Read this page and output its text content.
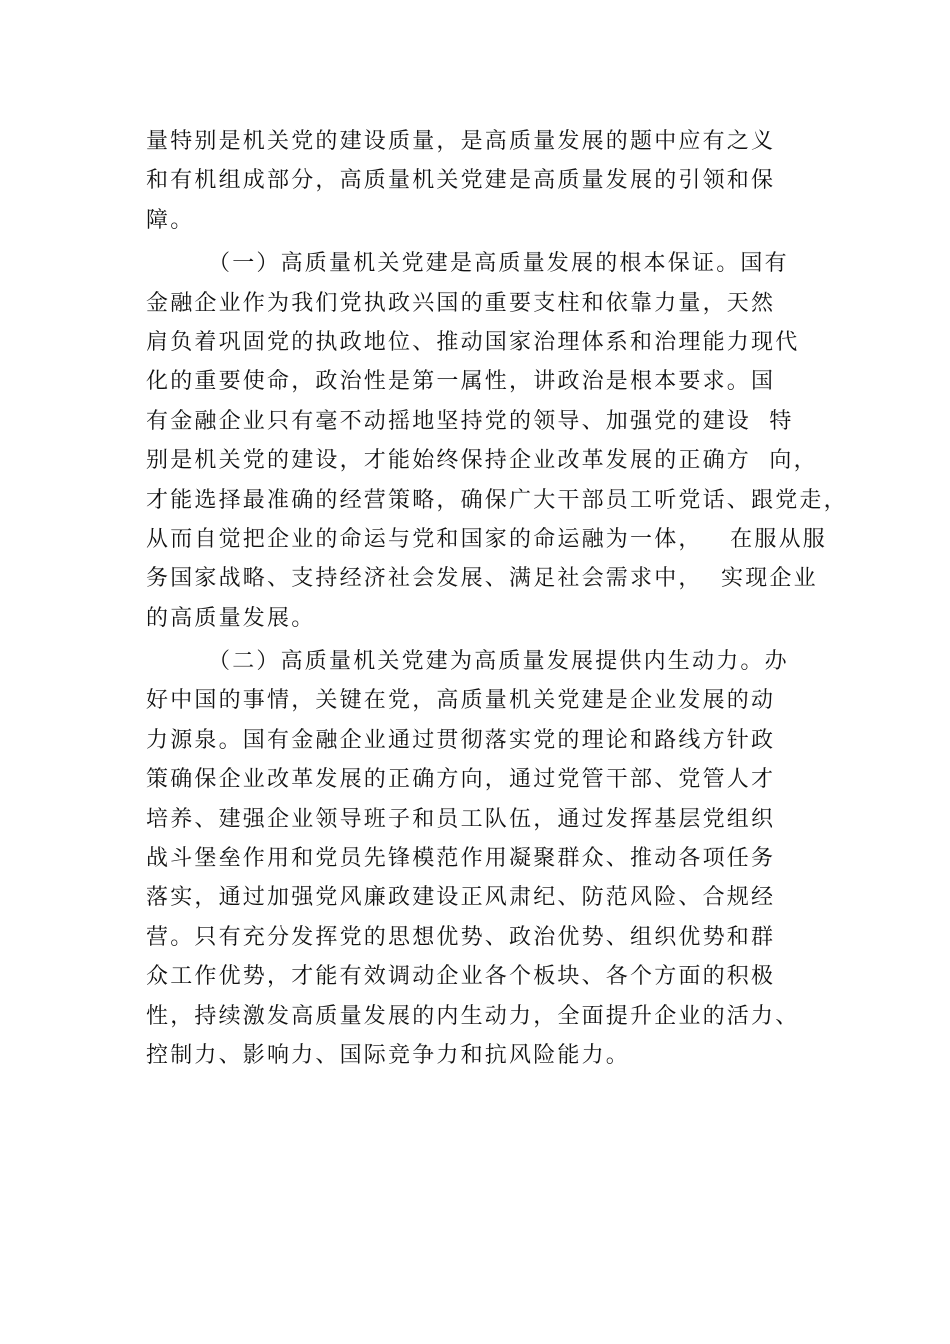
量特别是机关党的建设质量，是高质量发展的题中应有之义
和有机组成部分，高质量机关党建是高质量发展的引领和保
障。
（一）高质量机关党建是高质量发展的根本保证。国有
金融企业作为我们党执政兴国的重要支柱和依靠力量，天然
肩负着巩固党的执政地位、推动国家治理体系和治理能力现代
化的重要使命，政治性是第一属性，讲政治是根本要求。国
有金融企业只有毫不动摇地坚持党的领导、加强党的建设  特
别是机关党的建设，才能始终保持企业改革发展的正确方  向，
才能选择最准确的经营策略，确保广大干部员工听党话、跟党走，
从而自觉把企业的命运与党和国家的命运融为一体，   在服从服
务国家战略、支持经济社会发展、满足社会需求中，  实现企业
的高质量发展。
（二）高质量机关党建为高质量发展提供内生动力。办
好中国的事情，关键在党，高质量机关党建是企业发展的动
力源泉。国有金融企业通过贯彻落实党的理论和路线方针政
策确保企业改革发展的正确方向，通过党管干部、党管人才
培养、建强企业领导班子和员工队伍，通过发挥基层党组织
战斗堡垒作用和党员先锋模范作用凝聚群众、推动各项任务
落实，通过加强党风廉政建设正风肃纪、防范风险、合规经
营。只有充分发挥党的思想优势、政治优势、组织优势和群
众工作优势，才能有效调动企业各个板块、各个方面的积极
性，持续激发高质量发展的内生动力，全面提升企业的活力、
控制力、影响力、国际竞争力和抗风险能力。
